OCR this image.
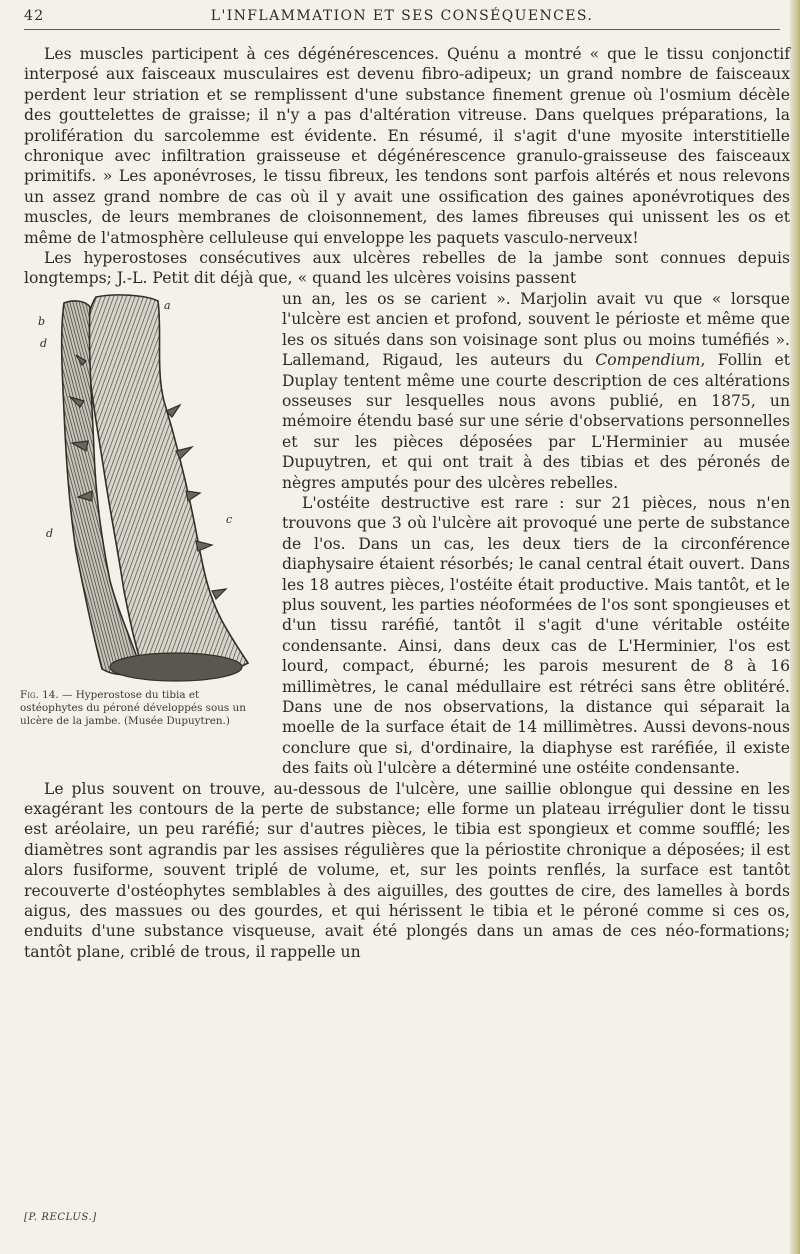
42	L'INFLAMMATION ET SES CONSÉQUENCES.

Les muscles participent à ces dégénérescences. Quénu a montré « que le tissu conjonctif interposé aux faisceaux musculaires est devenu fibro-adipeux; un grand nombre de faisceaux perdent leur striation et se remplissent d'une substance finement grenue où l'osmium décèle des gouttelettes de graisse; il n'y a pas d'altération vitreuse. Dans quelques préparations, la prolifération du sarcolemme est évidente. En résumé, il s'agit d'une myosite interstitielle chronique avec infiltration graisseuse et dégénérescence granulo-graisseuse des faisceaux primitifs. » Les aponévroses, le tissu fibreux, les tendons sont parfois altérés et nous relevons un assez grand nombre de cas où il y avait une ossification des gaines aponévrotiques des muscles, de leurs membranes de cloisonnement, des lames fibreuses qui unissent les os et même de l'atmosphère celluleuse qui enveloppe les paquets vasculo-nerveux!

Les hyperostoses consécutives aux ulcères rebelles de la jambe sont connues depuis longtemps; J.-L. Petit dit déjà que, « quand les ulcères voisins passent

b
d
a
c
d
Fig. 14. — Hyperostose du tibia et ostéophytes du péroné développés sous un ulcère de la jambe. (Musée Dupuytren.)

un an, les os se carient ». Marjolin avait vu que « lorsque l'ulcère est ancien et profond, souvent le périoste et même que les os situés dans son voisinage sont plus ou moins tuméfiés ». Lallemand, Rigaud, les auteurs du Compendium, Follin et Duplay tentent même une courte description de ces altérations osseuses sur lesquelles nous avons publié, en 1875, un mémoire étendu basé sur une série d'observations personnelles et sur les pièces déposées par L'Herminier au musée Dupuytren, et qui ont trait à des tibias et des péronés de nègres amputés pour des ulcères rebelles.

L'ostéite destructive est rare : sur 21 pièces, nous n'en trouvons que 3 où l'ulcère ait provoqué une perte de substance de l'os. Dans un cas, les deux tiers de la circonférence diaphysaire étaient résorbés; le canal central était ouvert. Dans les 18 autres pièces, l'ostéite était productive. Mais tantôt, et le plus souvent, les parties néoformées de l'os sont spongieuses et d'un tissu raréfié, tantôt il s'agit d'une véritable ostéite condensante. Ainsi, dans deux cas de L'Herminier, l'os est lourd, compact, éburné; les parois mesurent de 8 à 16 millimètres, le canal médullaire est rétréci sans être oblitéré. Dans une de nos observations, la distance qui séparait la moelle de la surface était de 14 millimètres. Aussi devons-nous conclure que si, d'ordinaire, la diaphyse est raréfiée, il existe des faits où l'ulcère a déterminé une ostéite condensante.

Le plus souvent on trouve, au-dessous de l'ulcère, une saillie oblongue qui dessine en les exagérant les contours de la perte de substance; elle forme un plateau irrégulier dont le tissu est aréolaire, un peu raréfié; sur d'autres pièces, le tibia est spongieux et comme soufflé; les diamètres sont agrandis par les assises régulières que la périostite chronique a déposées; il est alors fusiforme, souvent triplé de volume, et, sur les points renflés, la surface est tantôt recouverte d'ostéophytes semblables à des aiguilles, des gouttes de cire, des lamelles à bords aigus, des massues ou des gourdes, et qui hérissent le tibia et le péroné comme si ces os, enduits d'une substance visqueuse, avait été plongés dans un amas de ces néo-formations; tantôt plane, criblé de trous, il rappelle un

[P. RECLUS.]
